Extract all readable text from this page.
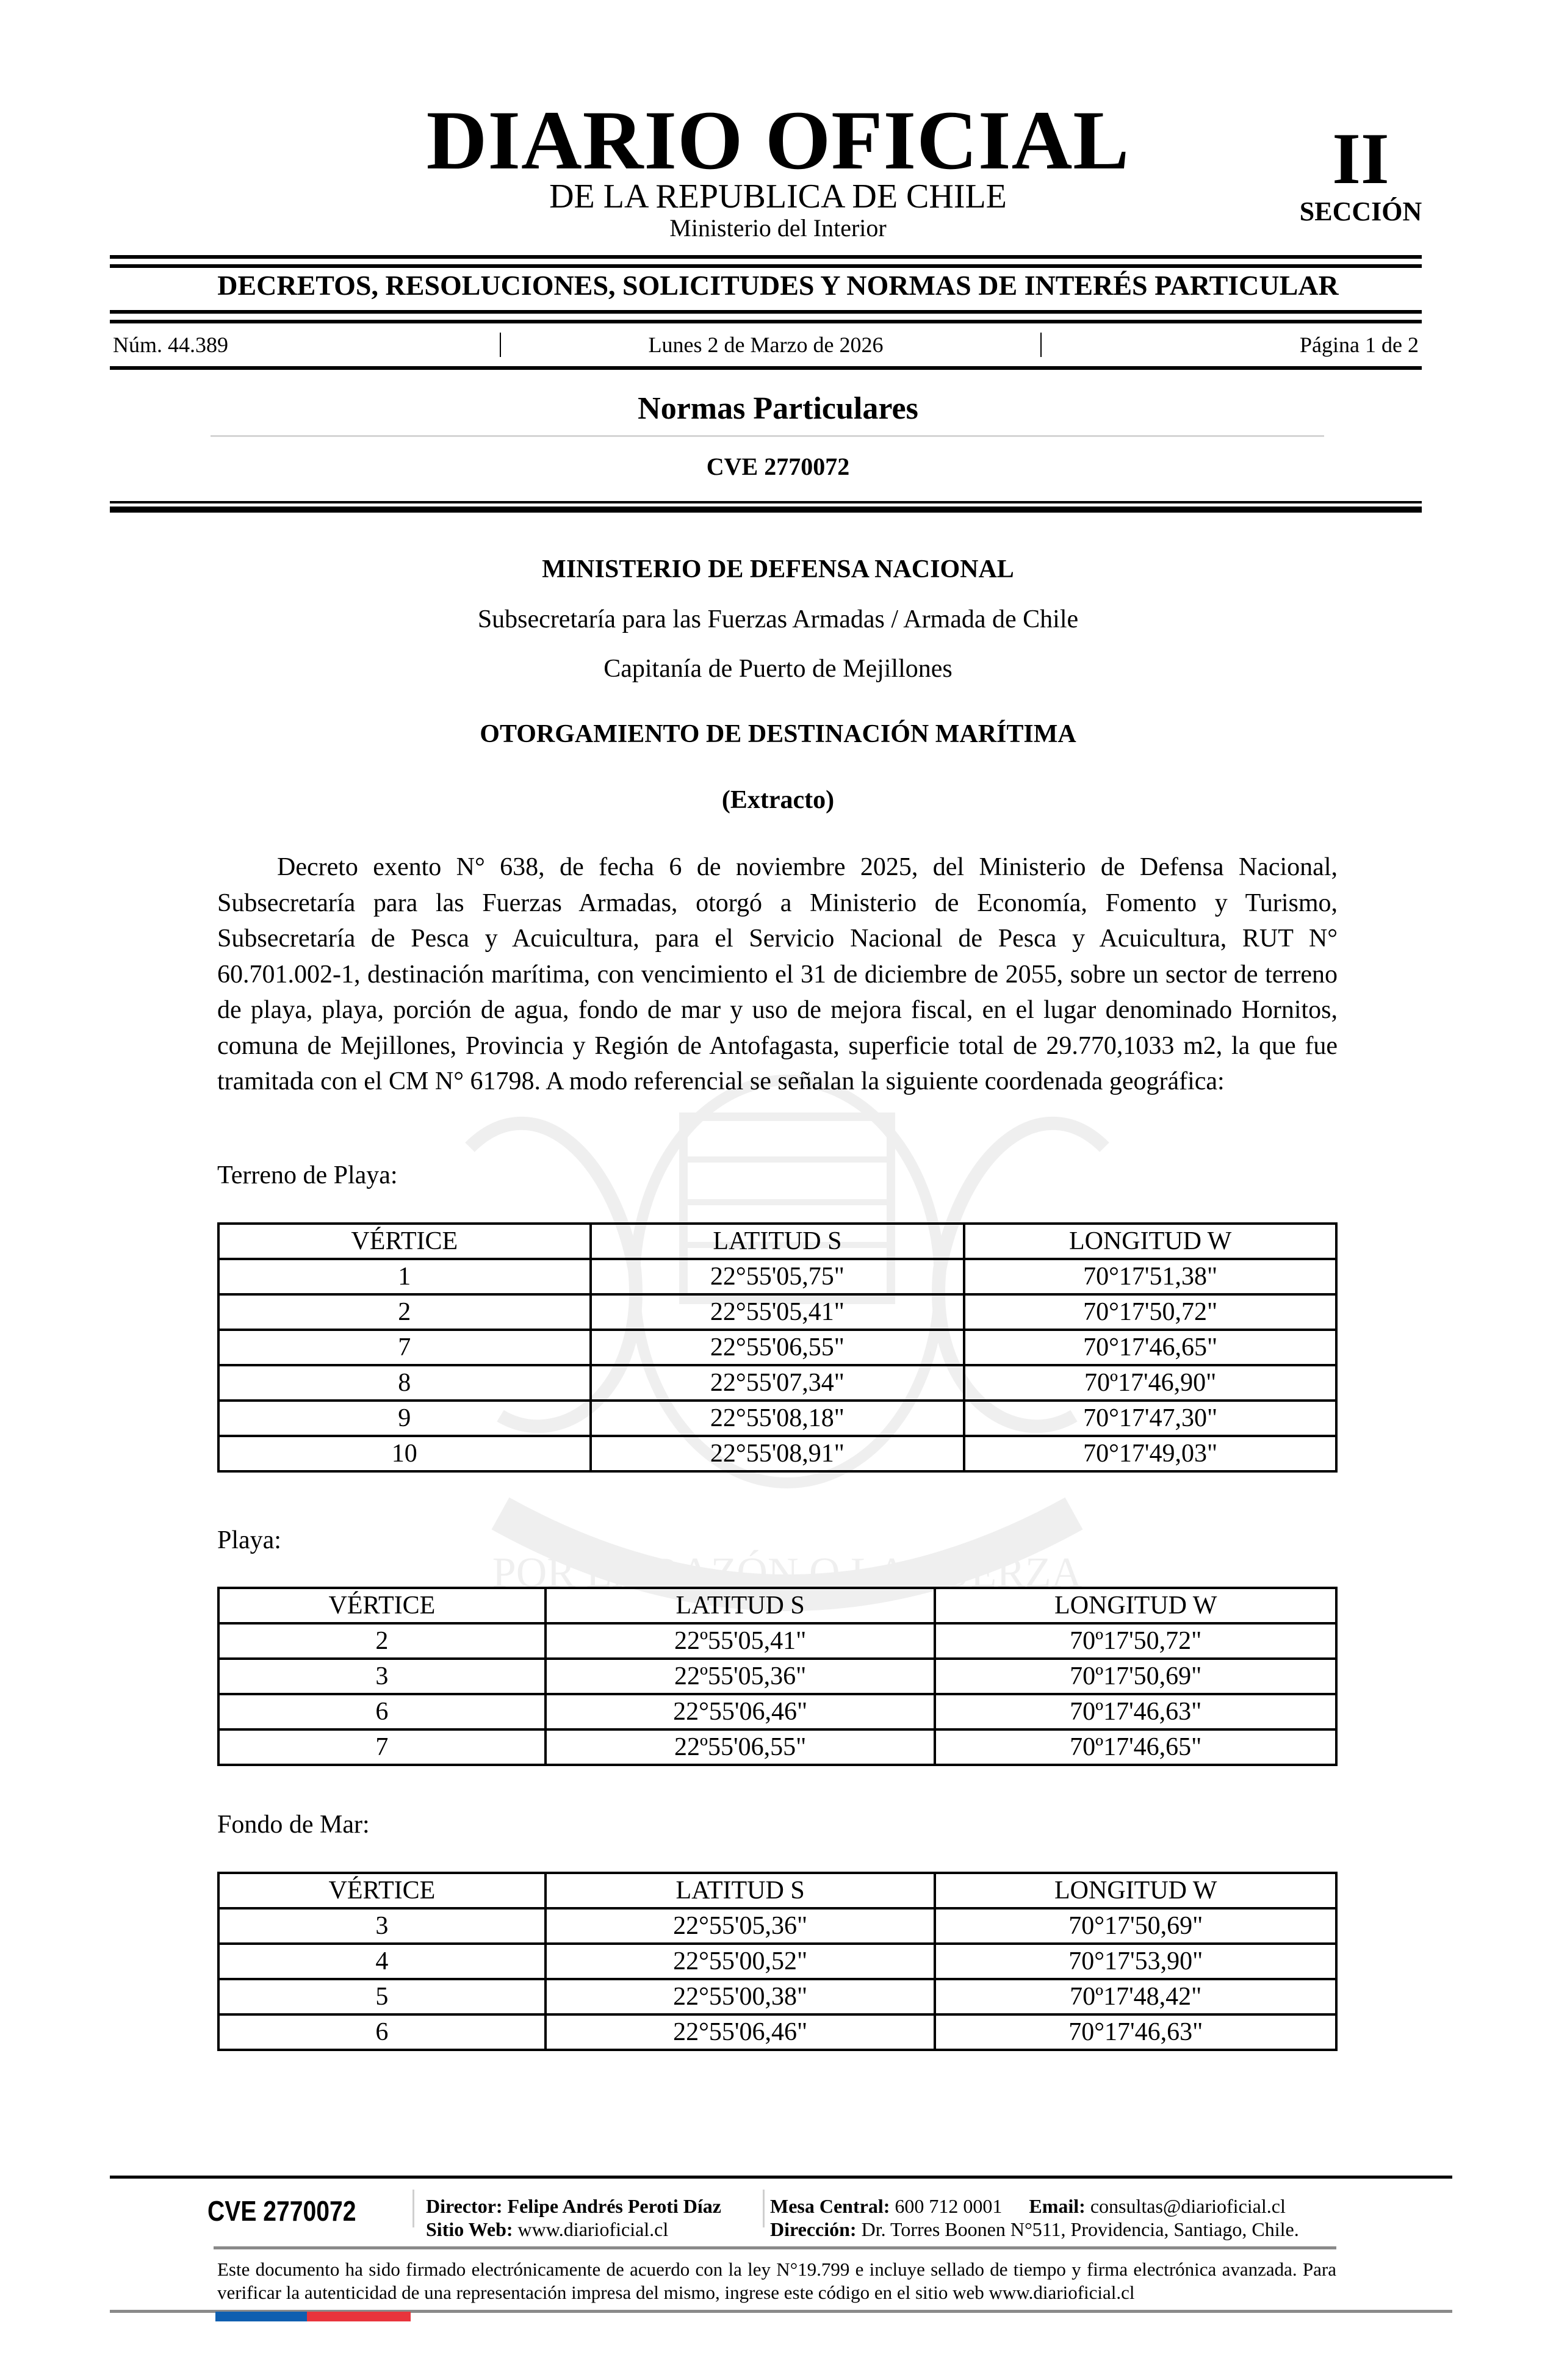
POR LA RAZÓN O LA FUERZA
DIARIO OFICIAL
DE LA REPUBLICA DE CHILE
Ministerio del Interior
II
SECCIÓN
DECRETOS, RESOLUCIONES, SOLICITUDES Y NORMAS DE INTERÉS PARTICULAR
Núm. 44.389	Lunes 2 de Marzo de 2026	Página 1 de 2
Normas Particulares
CVE 2770072
MINISTERIO DE DEFENSA NACIONAL
Subsecretaría para las Fuerzas Armadas / Armada de Chile
Capitanía de Puerto de Mejillones
OTORGAMIENTO DE DESTINACIÓN MARÍTIMA
(Extracto)
Decreto exento N° 638, de fecha 6 de noviembre 2025, del Ministerio de Defensa Nacional, Subsecretaría para las Fuerzas Armadas, otorgó a Ministerio de Economía, Fomento y Turismo, Subsecretaría de Pesca y Acuicultura, para el Servicio Nacional de Pesca y Acuicultura, RUT N° 60.701.002-1, destinación marítima, con vencimiento el 31 de diciembre de 2055, sobre un sector de terreno de playa, playa, porción de agua, fondo de mar y uso de mejora fiscal, en el lugar denominado Hornitos, comuna de Mejillones, Provincia y Región de Antofagasta, superficie total de 29.770,1033 m2, la que fue tramitada con el CM N° 61798. A modo referencial se señalan la siguiente coordenada geográfica:
Terreno de Playa:
VÉRTICE	LATITUD S	LONGITUD W
1	22°55'05,75"	70°17'51,38"
2	22°55'05,41"	70°17'50,72"
7	22°55'06,55"	70°17'46,65"
8	22°55'07,34"	70º17'46,90"
9	22°55'08,18"	70°17'47,30"
10	22°55'08,91"	70°17'49,03"
Playa:
VÉRTICE	LATITUD S	LONGITUD W
2	22º55'05,41"	70º17'50,72"
3	22º55'05,36"	70º17'50,69"
6	22°55'06,46"	70º17'46,63"
7	22º55'06,55"	70º17'46,65"
Fondo de Mar:
VÉRTICE	LATITUD S	LONGITUD W
3	22°55'05,36"	70°17'50,69"
4	22°55'00,52"	70°17'53,90"
5	22°55'00,38"	70º17'48,42"
6	22°55'06,46"	70°17'46,63"
CVE 2770072	Director: Felipe Andrés Peroti Díaz
Sitio Web: www.diarioficial.cl
Mesa Central: 600 712 0001 Email: consultas@diarioficial.cl
Dirección: Dr. Torres Boonen N°511, Providencia, Santiago, Chile.
Este documento ha sido firmado electrónicamente de acuerdo con la ley N°19.799 e incluye sellado de tiempo y firma electrónica avanzada. Para verificar la autenticidad de una representación impresa del mismo, ingrese este código en el sitio web www.diarioficial.cl
